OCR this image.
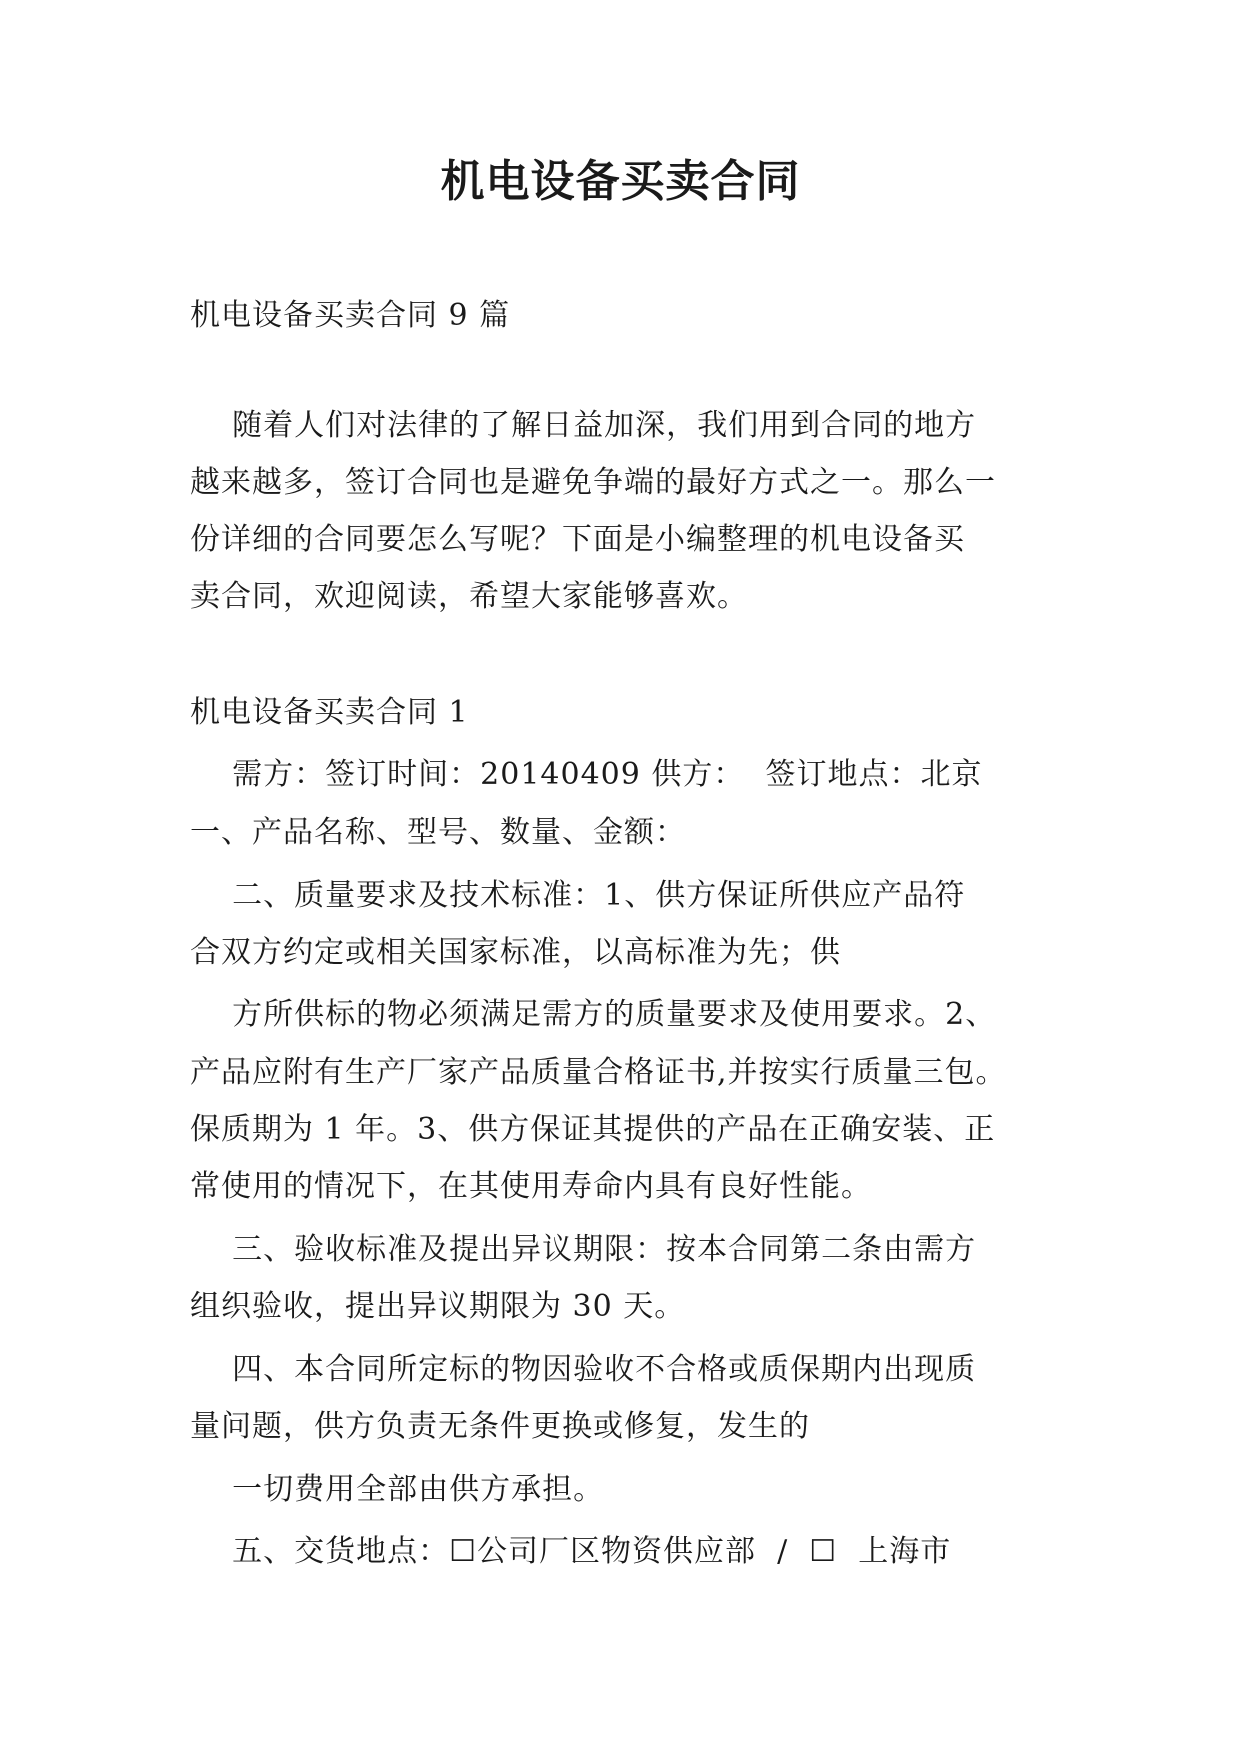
机电设备买卖合同
机电设备买卖合同 9 篇
随着人们对法律的了解日益加深，我们用到合同的地方
越来越多，签订合同也是避免争端的最好方式之一。那么一
份详细的合同要怎么写呢？下面是小编整理的机电设备买
卖合同，欢迎阅读，希望大家能够喜欢。
机电设备买卖合同 1
需方：签订时间：20140409 供方：  签订地点：北京
一、产品名称、型号、数量、金额：
二、质量要求及技术标准：1、供方保证所供应产品符
合双方约定或相关国家标准，以高标准为先；供
方所供标的物必须满足需方的质量要求及使用要求。2、
产品应附有生产厂家产品质量合格证书,并按实行质量三包。
保质期为 1 年。3、供方保证其提供的产品在正确安装、正
常使用的情况下，在其使用寿命内具有良好性能。
三、验收标准及提出异议期限：按本合同第二条由需方
组织验收，提出异议期限为 30 天。
四、本合同所定标的物因验收不合格或质保期内出现质
量问题，供方负责无条件更换或修复，发生的
一切费用全部由供方承担。
五、交货地点：☐公司厂区物资供应部  /  ☐  上海市
